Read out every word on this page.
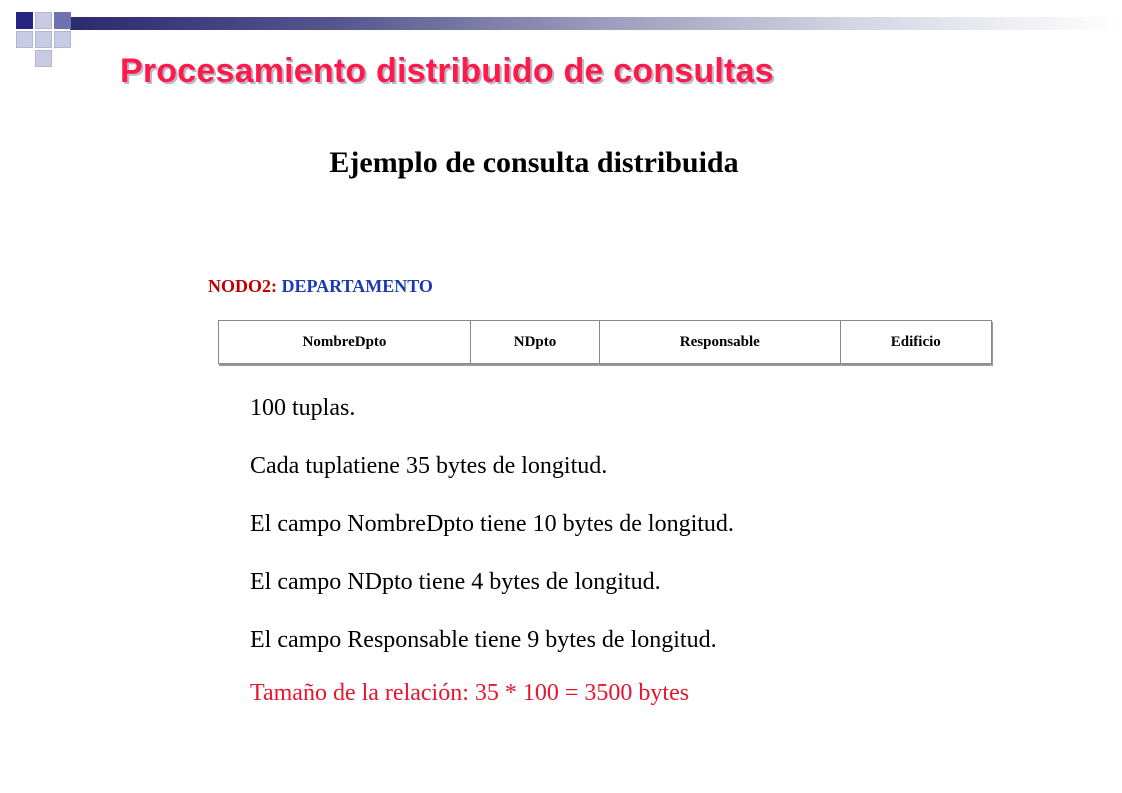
Procesamiento distribuido de consultas
Ejemplo de consulta distribuida
NODO2: DEPARTAMENTO
NombreDpto	NDpto	Responsable	Edificio
100 tuplas.
Cada tuplatiene 35 bytes de longitud.
El campo NombreDpto tiene 10 bytes de longitud.
El campo NDpto tiene 4 bytes de longitud.
El campo Responsable tiene 9 bytes de longitud.
Tamaño de la relación: 35 * 100 = 3500 bytes
